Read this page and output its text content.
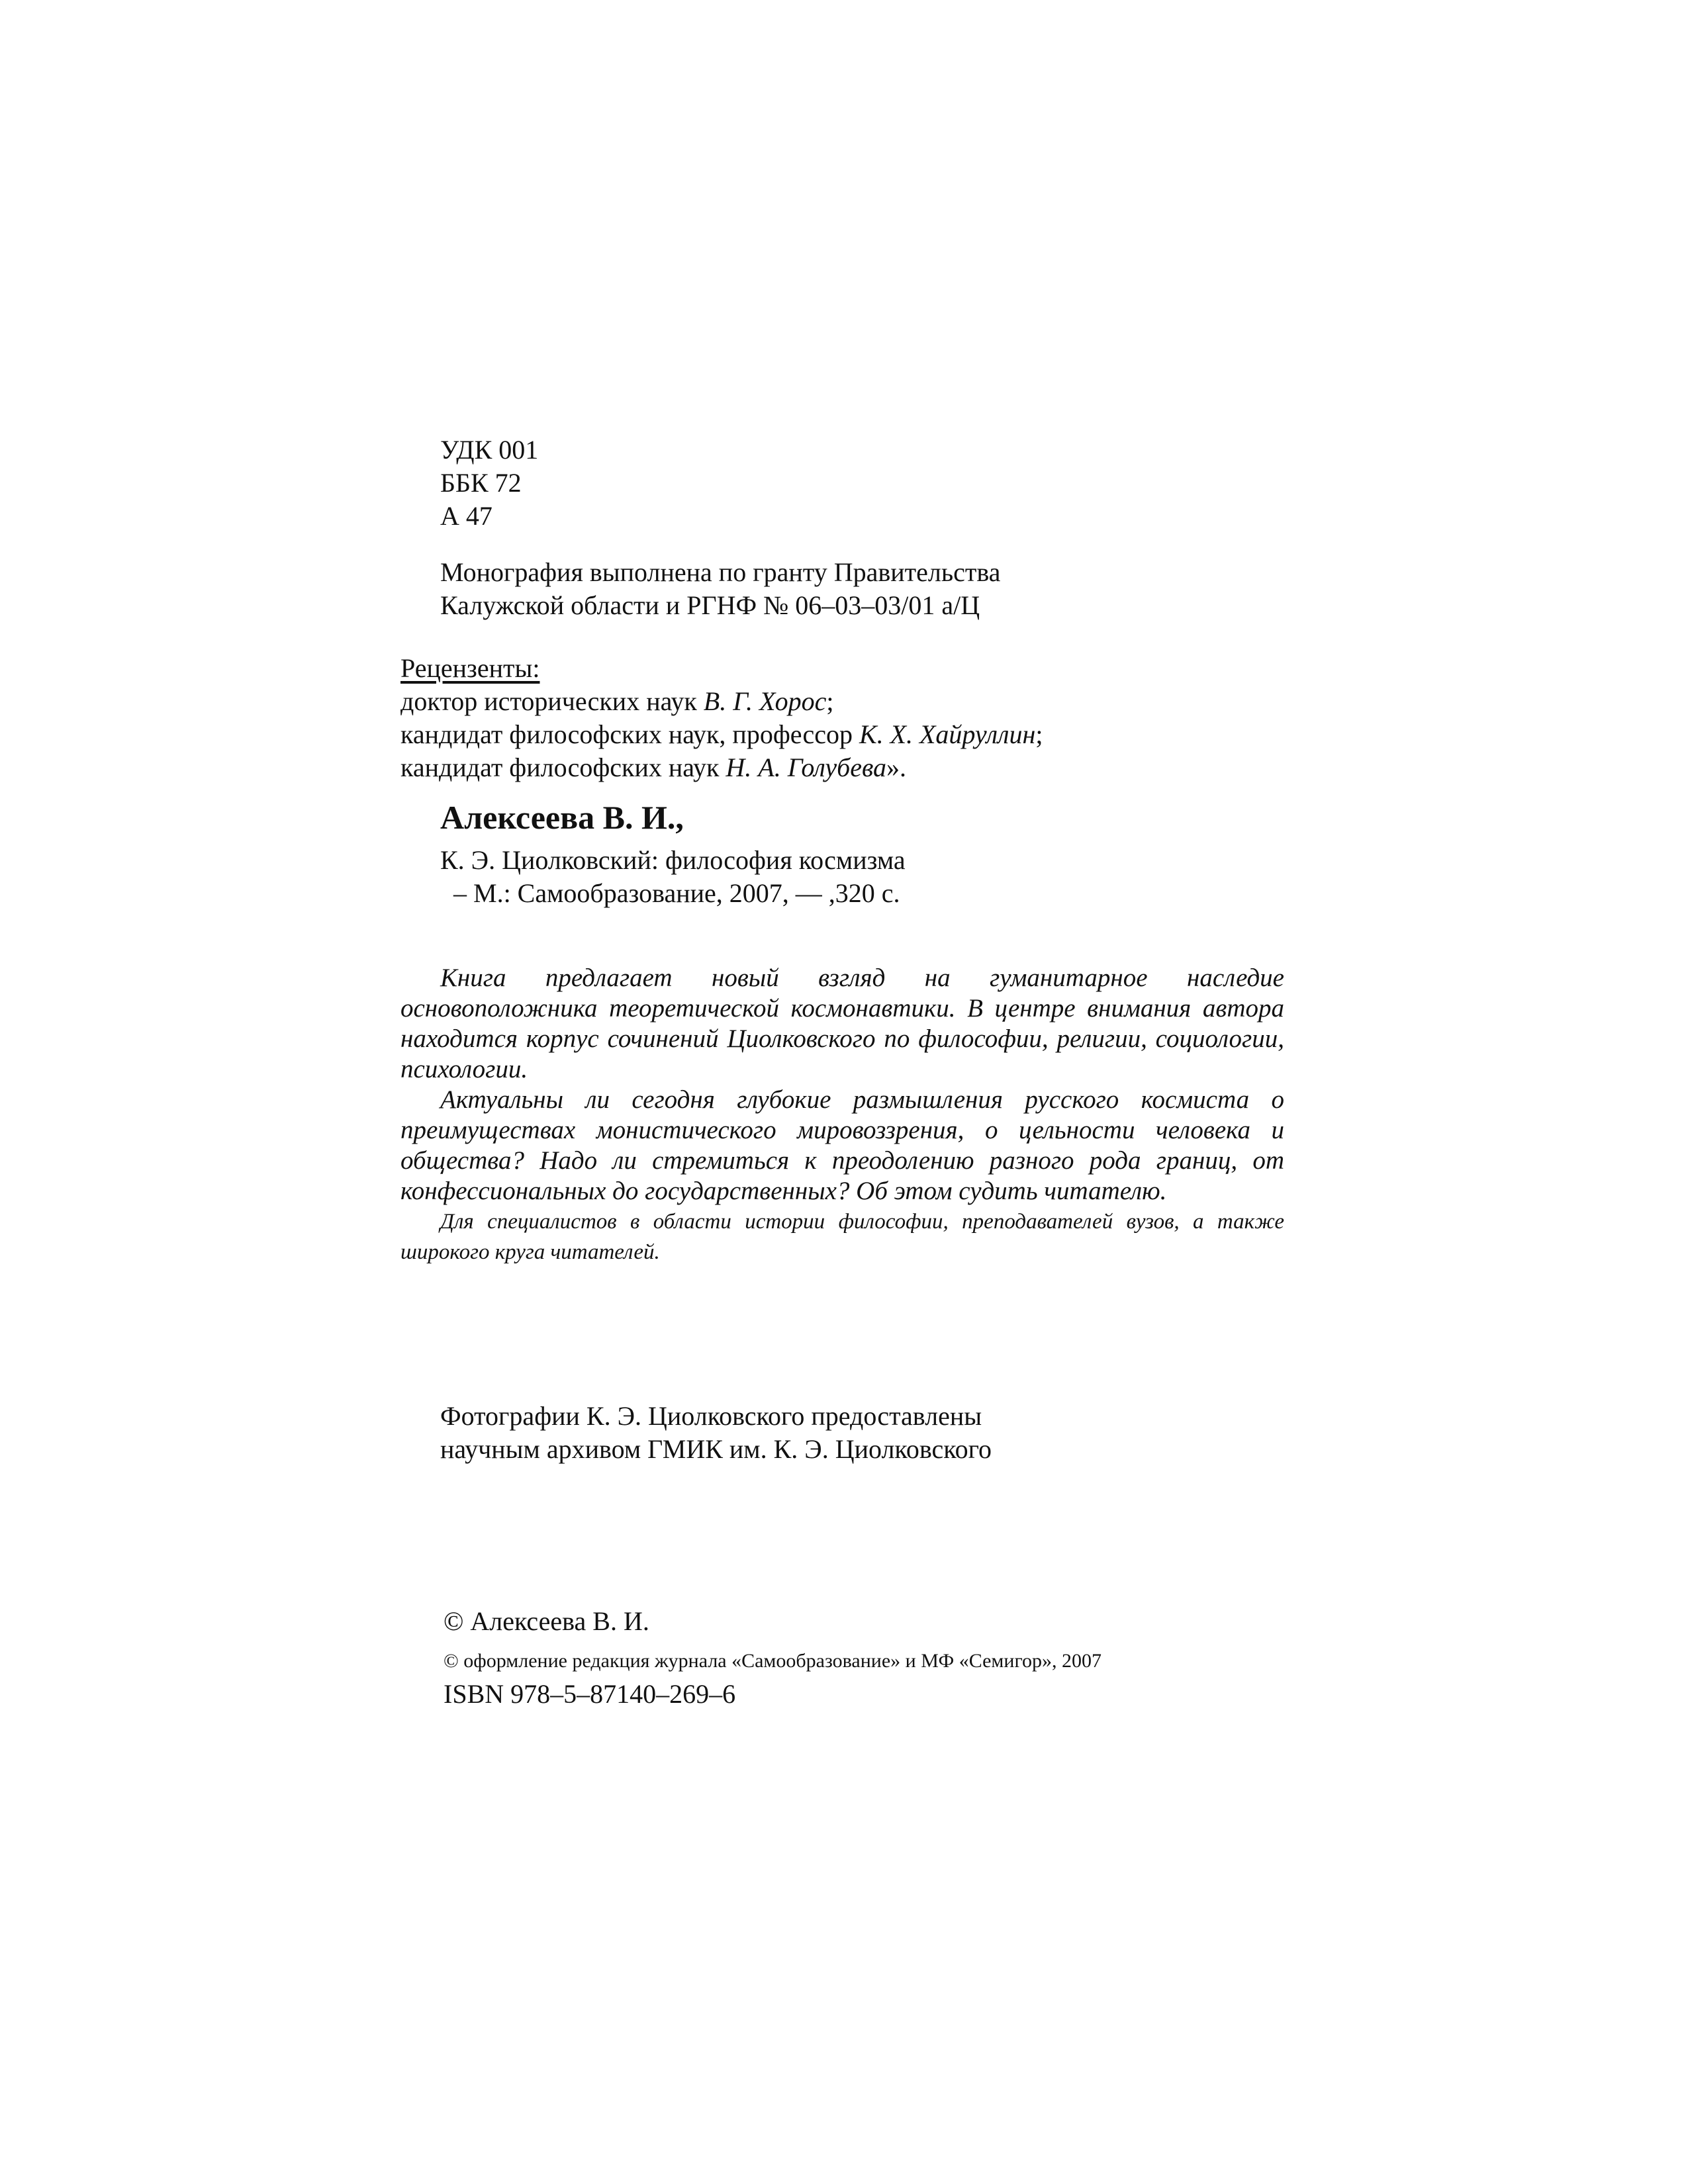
УДК 001
ББК 72
А 47
Монография выполнена по гранту Правительства
Калужской области и РГНФ № 06–03–03/01 а/Ц
Рецензенты:
доктор исторических наук В. Г. Хорос;
кандидат философских наук, профессор К. Х. Хайруллин;
кандидат философских наук Н. А. Голубева».
Алексеева В. И.,
К. Э. Циолковский: философия космизма
– М.: Самообразование, 2007, — ,320 с.

Книга предлагает новый взгляд на гуманитарное наследие основоположника теоретической космонавтики. В центре внимания автора находится корпус сочинений Циолковского по философии, религии, социологии, психологии.

Актуальны ли сегодня глубокие размышления русского космиста о преимуществах монистического мировоззрения, о цельности человека и общества? Надо ли стремиться к преодолению разного рода границ, от конфессиональных до государственных? Об этом судить читателю.

Для специалистов в области истории философии, преподавателей вузов, а также широкого круга читателей.

Фотографии К. Э. Циолковского предоставлены
научным архивом ГМИК им. К. Э. Циолковского
© Алексеева В. И.
© оформление редакция журнала «Самообразование» и МФ «Семигор», 2007
ISBN 978–5–87140–269–6
